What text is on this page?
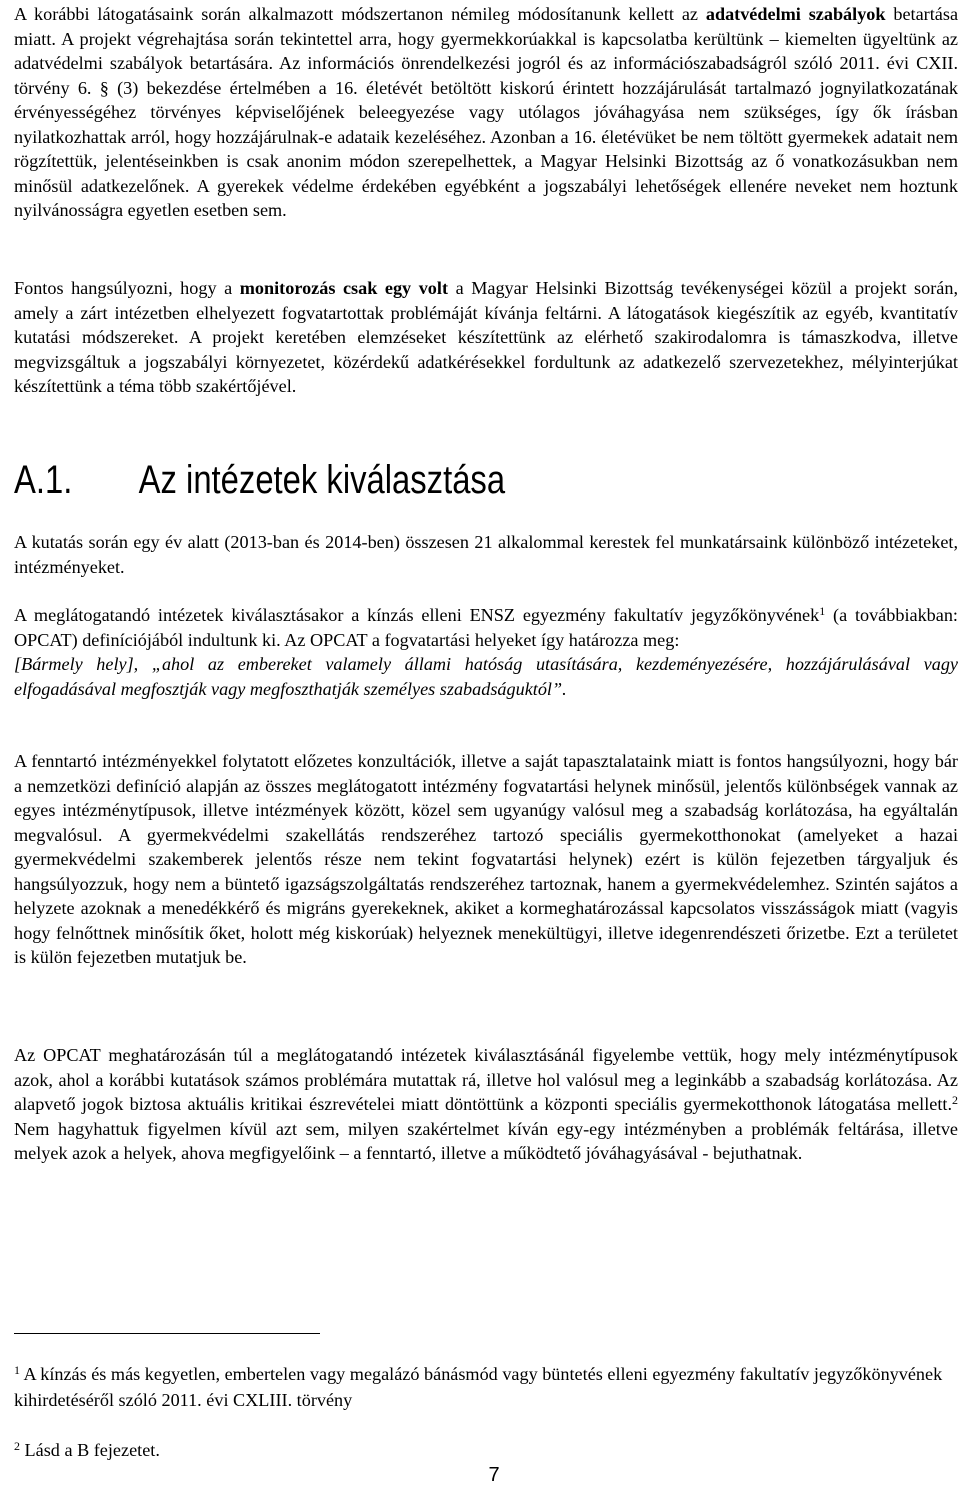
A korábbi látogatásaink során alkalmazott módszertanon némileg módosítanunk kellett az adatvédelmi szabályok betartása miatt. A projekt végrehajtása során tekintettel arra, hogy gyermekkorúakkal is kapcsolatba kerültünk – kiemelten ügyeltünk az adatvédelmi szabályok betartására. Az információs önrendelkezési jogról és az információszabadságról szóló 2011. évi CXII. törvény 6. § (3) bekezdése értelmében a 16. életévét betöltött kiskorú érintett hozzájárulását tartalmazó jognyilatkozatának érvényességéhez törvényes képviselőjének beleegyezése vagy utólagos jóváhagyása nem szükséges, így ők írásban nyilatkozhattak arról, hogy hozzájárulnak-e adataik kezeléséhez. Azonban a 16. életévüket be nem töltött gyermekek adatait nem rögzítettük, jelentéseinkben is csak anonim módon szerepelhettek, a Magyar Helsinki Bizottság az ő vonatkozásukban nem minősül adatkezelőnek. A gyerekek védelme érdekében egyébként a jogszabályi lehetőségek ellenére neveket nem hoztunk nyilvánosságra egyetlen esetben sem.

Fontos hangsúlyozni, hogy a monitorozás csak egy volt a Magyar Helsinki Bizottság tevékenységei közül a projekt során, amely a zárt intézetben elhelyezett fogvatartottak problémáját kívánja feltárni. A látogatások kiegészítik az egyéb, kvantitatív kutatási módszereket. A projekt keretében elemzéseket készítettünk az elérhető szakirodalomra is támaszkodva, illetve megvizsgáltuk a jogszabályi környezetet, közérdekű adatkérésekkel fordultunk az adatkezelő szervezetekhez, mélyinterjúkat készítettünk a téma több szakértőjével.

A.1. Az intézetek kiválasztása

A kutatás során egy év alatt (2013-ban és 2014-ben) összesen 21 alkalommal kerestek fel munkatársaink különböző intézeteket, intézményeket.

A meglátogatandó intézetek kiválasztásakor a kínzás elleni ENSZ egyezmény fakultatív jegyzőkönyvének$^1$ (a továbbiakban: OPCAT) definíciójából indultunk ki. Az OPCAT a fogvatartási helyeket így határozza meg:
[Bármely hely], „ahol az embereket valamely állami hatóság utasítására, kezdeményezésére, hozzájárulásával vagy elfogadásával megfosztják vagy megfoszthatják személyes szabadságuktól”.

A fenntartó intézményekkel folytatott előzetes konzultációk, illetve a saját tapasztalataink miatt is fontos hangsúlyozni, hogy bár a nemzetközi definíció alapján az összes meglátogatott intézmény fogvatartási helynek minősül, jelentős különbségek vannak az egyes intézménytípusok, illetve intézmények között, közel sem ugyanúgy valósul meg a szabadság korlátozása, ha egyáltalán megvalósul. A gyermekvédelmi szakellátás rendszeréhez tartozó speciális gyermekotthonokat (amelyeket a hazai gyermekvédelmi szakemberek jelentős része nem tekint fogvatartási helynek) ezért is külön fejezetben tárgyaljuk és hangsúlyozzuk, hogy nem a büntető igazságszolgáltatás rendszeréhez tartoznak, hanem a gyermekvédelemhez. Szintén sajátos a helyzete azoknak a menedékkérő és migráns gyerekeknek, akiket a kormeghatározással kapcsolatos visszásságok miatt (vagyis hogy felnőttnek minősítik őket, holott még kiskorúak) helyeznek menekültügyi, illetve idegenrendészeti őrizetbe. Ezt a területet is külön fejezetben mutatjuk be.

Az OPCAT meghatározásán túl a meglátogatandó intézetek kiválasztásánál figyelembe vettük, hogy mely intézménytípusok azok, ahol a korábbi kutatások számos problémára mutattak rá, illetve hol valósul meg a leginkább a szabadság korlátozása. Az alapvető jogok biztosa aktuális kritikai észrevételei miatt döntöttünk a központi speciális gyermekotthonok látogatása mellett.$^2$ Nem hagyhattuk figyelmen kívül azt sem, milyen szakértelmet kíván egy-egy intézményben a problémák feltárása, illetve melyek azok a helyek, ahova megfigyelőink – a fenntartó, illetve a működtető jóváhagyásával - bejuthatnak.

$^1$ A kínzás és más kegyetlen, embertelen vagy megalázó bánásmód vagy büntetés elleni egyezmény fakultatív jegyzőkönyvének kihirdetéséről szóló 2011. évi CXLIII. törvény

$^2$ Lásd a B fejezetet.

7
